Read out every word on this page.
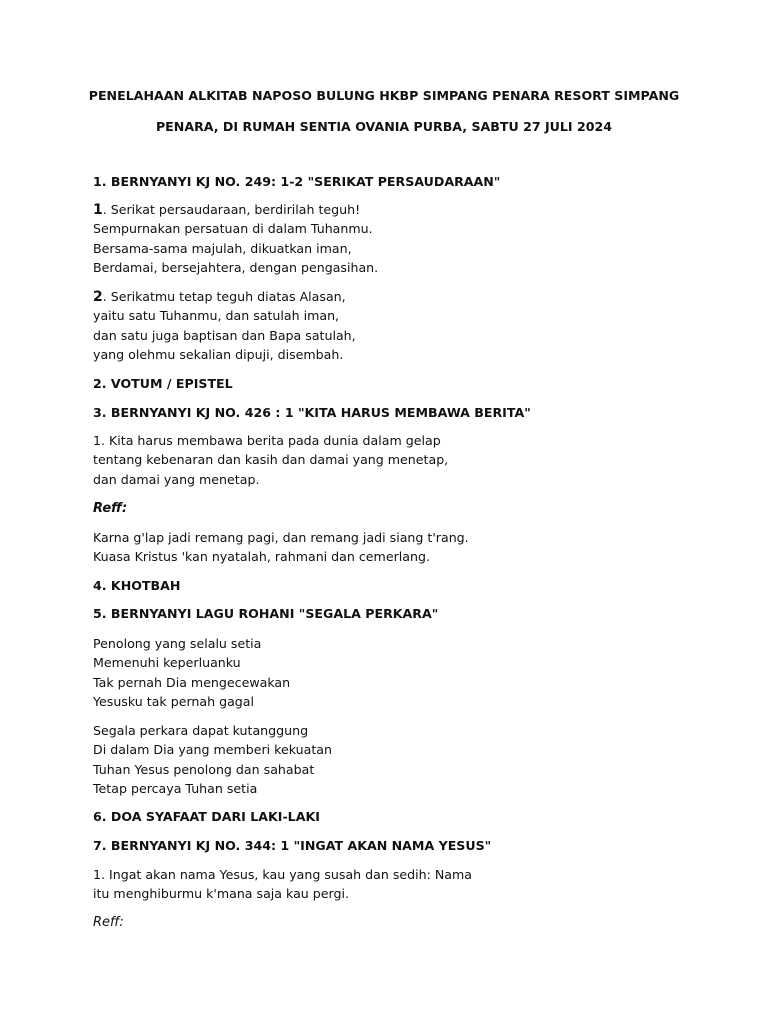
PENELAHAAN ALKITAB NAPOSO BULUNG HKBP SIMPANG PENARA RESORT SIMPANG
PENARA, DI RUMAH SENTIA OVANIA PURBA, SABTU 27 JULI 2024
1. BERNYANYI KJ NO. 249: 1-2 "SERIKAT PERSAUDARAAN"
1. Serikat persaudaraan, berdirilah teguh!
Sempurnakan persatuan di dalam Tuhanmu.
Bersama-sama majulah, dikuatkan iman,
Berdamai, bersejahtera, dengan pengasihan.
2. Serikatmu tetap teguh diatas Alasan,
yaitu satu Tuhanmu, dan satulah iman,
dan satu juga baptisan dan Bapa satulah,
yang olehmu sekalian dipuji, disembah.
2. VOTUM / EPISTEL
3. BERNYANYI KJ NO. 426 : 1 "KITA HARUS MEMBAWA BERITA"
1. Kita harus membawa berita pada dunia dalam gelap
tentang kebenaran dan kasih dan damai yang menetap,
dan damai yang menetap.
Reff:
Karna g'lap jadi remang pagi, dan remang jadi siang t'rang.
Kuasa Kristus 'kan nyatalah, rahmani dan cemerlang.
4. KHOTBAH
5. BERNYANYI LAGU ROHANI "SEGALA PERKARA"
Penolong yang selalu setia
Memenuhi keperluanku
Tak pernah Dia mengecewakan
Yesusku tak pernah gagal
Segala perkara dapat kutanggung
Di dalam Dia yang memberi kekuatan
Tuhan Yesus penolong dan sahabat
Tetap percaya Tuhan setia
6. DOA SYAFAAT DARI LAKI-LAKI
7. BERNYANYI KJ NO. 344: 1 "INGAT AKAN NAMA YESUS"
1. Ingat akan nama Yesus, kau yang susah dan sedih: Nama
itu menghiburmu k'mana saja kau pergi.
Reff:
